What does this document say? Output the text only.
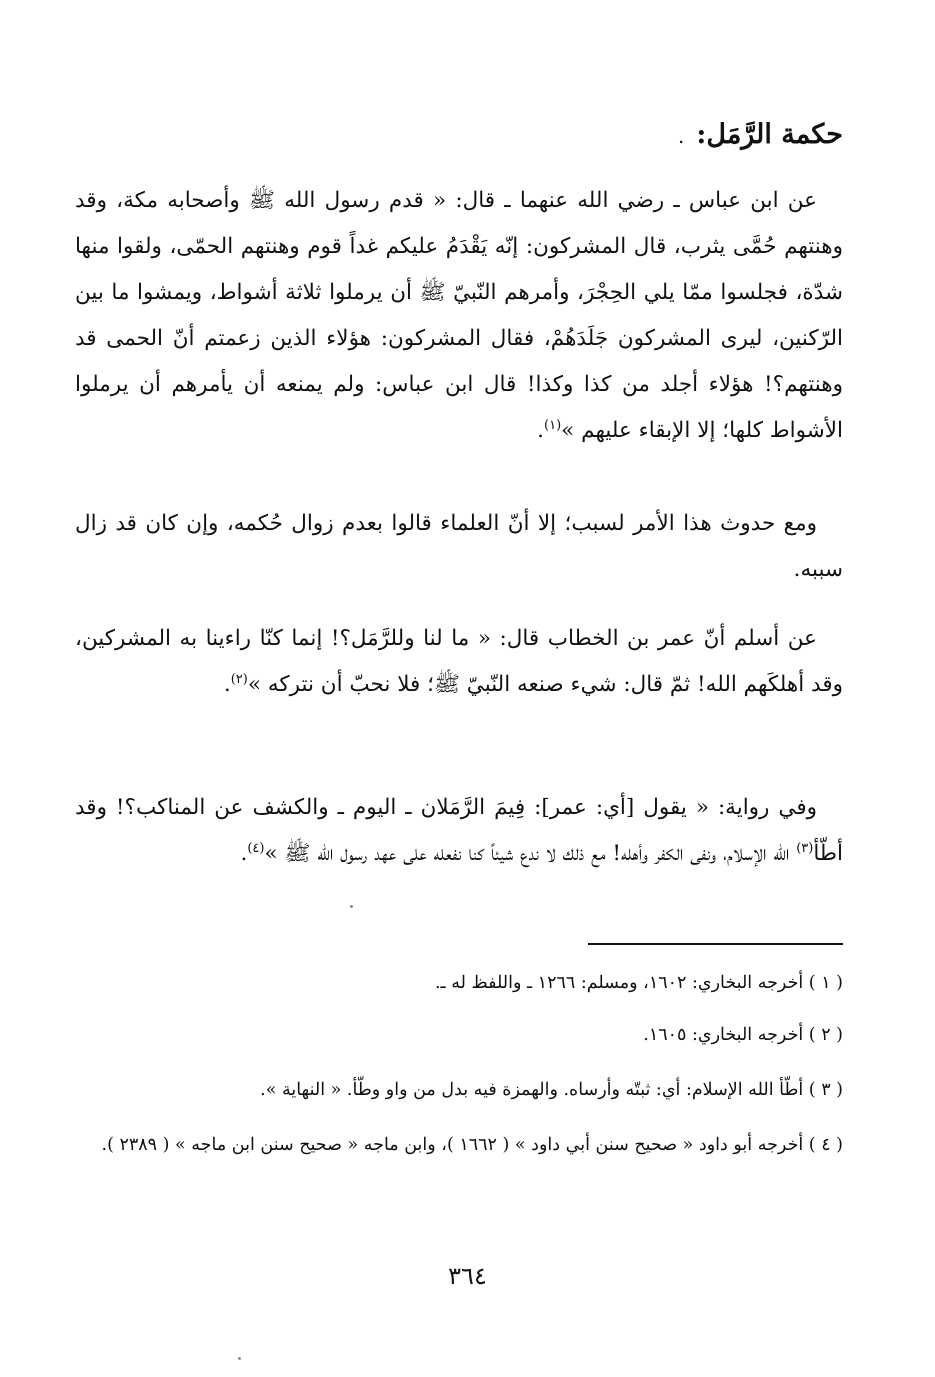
حكمة الرَّمَل:.

عن ابن عباس ـ رضي الله عنهما ـ قال: « قدم رسول الله ﷺ وأصحابه مكة، وقد وهنتهم حُمَّى يثرب، قال المشركون: إنّه يَقْدَمُ عليكم غداً قوم وهنتهم الحمّى، ولقوا منها شدّة، فجلسوا ممّا يلي الحِجْرَ، وأمرهم النّبيّ ﷺ أن يرملوا ثلاثة أشواط، ويمشوا ما بين الرّكنين، ليرى المشركون جَلَدَهُمْ، فقال المشركون: هؤلاء الذين زعمتم أنّ الحمى قد وهنتهم؟! هؤلاء أجلد من كذا وكذا! قال ابن عباس: ولم يمنعه أن يأمرهم أن يرملوا الأشواط كلها؛ إلا الإبقاء عليهم »$^{(١)}$.

ومع حدوث هذا الأمر لسبب؛ إلا أنّ العلماء قالوا بعدم زوال حُكمه، وإن كان قد زال سببه.

عن أسلم أنّ عمر بن الخطاب قال: « ما لنا وللرَّمَل؟! إنما كنّا راءينا به المشركين، وقد أهلكَهم الله! ثمّ قال: شيء صنعه النّبيّ ﷺ؛ فلا نحبّ أن نتركه »$^{(٢)}$.

وفي رواية: « يقول [أي: عمر]: فِيمَ الرَّمَلان ـ اليوم ـ والكشف عن المناكب؟! وقد أطّأ$^{(٣)}$ الله الإسلام، ونفى الكفر وأهله! مع ذلك لا ندع شيئاً كنا نفعله على عهد رسول الله ﷺ »$^{(٤)}$.

( ١ ) أخرجه البخاري: ١٦٠٢، ومسلم: ١٢٦٦ ـ واللفظ له ـ.

( ٢ ) أخرجه البخاري: ١٦٠٥.

( ٣ ) أطّأ الله الإسلام: أي: ثبتّه وأرساه. والهمزة فيه بدل من واو وطّأ. « النهاية ».

( ٤ ) أخرجه أبو داود « صحيح سنن أبي داود » ( ١٦٦٢ )، وابن ماجه « صحيح سنن ابن ماجه » ( ٢٣٨٩ ).

٣٦٤
